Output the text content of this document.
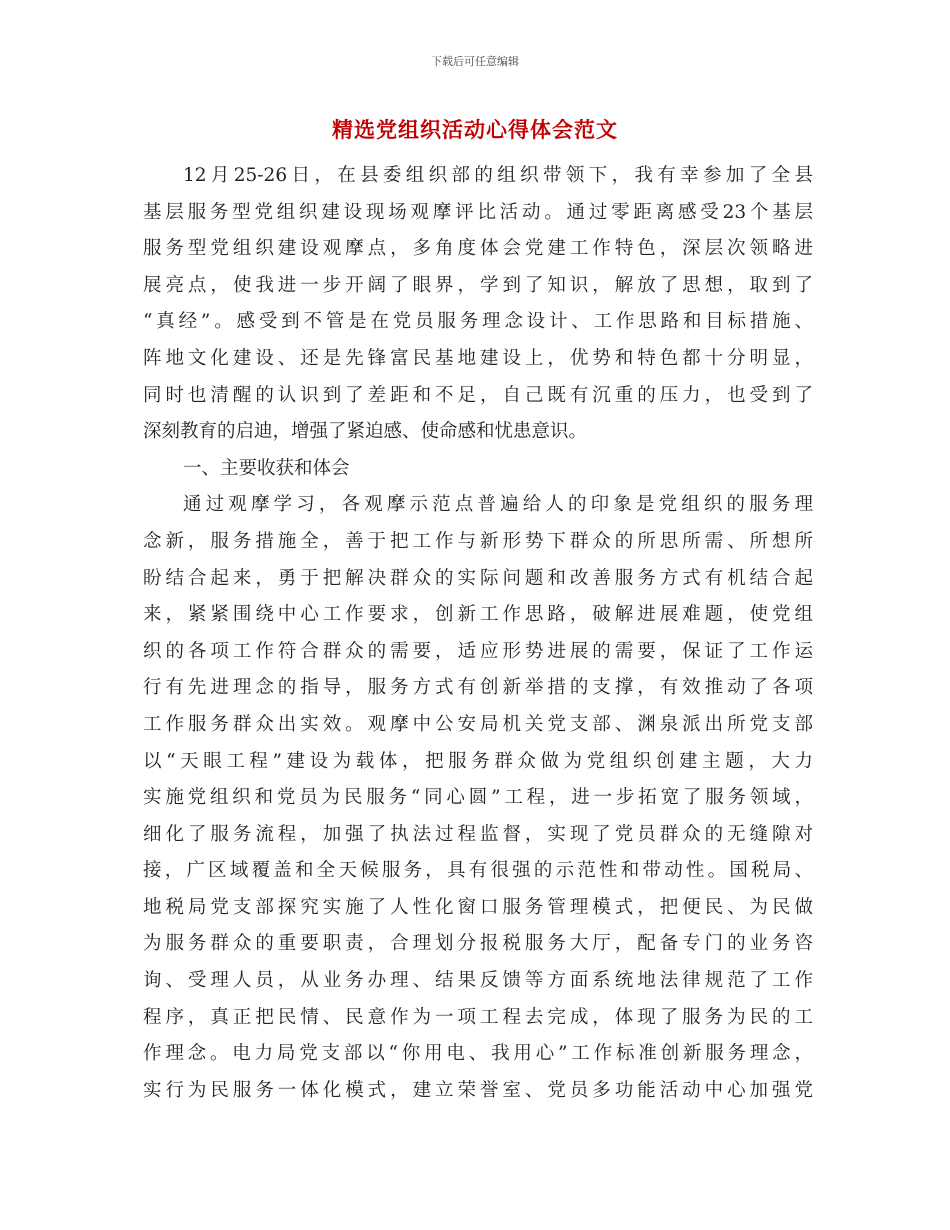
下载后可任意编辑
精选党组织活动心得体会范文
12月25-26日，在县委组织部的组织带领下，我有幸参加了全县
基层服务型党组织建设现场观摩评比活动。通过零距离感受23个基层
服务型党组织建设观摩点，多角度体会党建工作特色，深层次领略进
展亮点，使我进一步开阔了眼界，学到了知识，解放了思想，取到了
“真经”。感受到不管是在党员服务理念设计、工作思路和目标措施、
阵地文化建设、还是先锋富民基地建设上，优势和特色都十分明显，
同时也清醒的认识到了差距和不足，自己既有沉重的压力，也受到了
深刻教育的启迪，增强了紧迫感、使命感和忧患意识。
一、主要收获和体会
通过观摩学习，各观摩示范点普遍给人的印象是党组织的服务理
念新，服务措施全，善于把工作与新形势下群众的所思所需、所想所
盼结合起来，勇于把解决群众的实际问题和改善服务方式有机结合起
来，紧紧围绕中心工作要求，创新工作思路，破解进展难题，使党组
织的各项工作符合群众的需要，适应形势进展的需要，保证了工作运
行有先进理念的指导，服务方式有创新举措的支撑，有效推动了各项
工作服务群众出实效。观摩中公安局机关党支部、渊泉派出所党支部
以“天眼工程”建设为载体，把服务群众做为党组织创建主题，大力
实施党组织和党员为民服务“同心圆”工程，进一步拓宽了服务领域，
细化了服务流程，加强了执法过程监督，实现了党员群众的无缝隙对
接，广区域覆盖和全天候服务，具有很强的示范性和带动性。国税局、
地税局党支部探究实施了人性化窗口服务管理模式，把便民、为民做
为服务群众的重要职责，合理划分报税服务大厅，配备专门的业务咨
询、受理人员，从业务办理、结果反馈等方面系统地法律规范了工作
程序，真正把民情、民意作为一项工程去完成，体现了服务为民的工
作理念。电力局党支部以“你用电、我用心”工作标准创新服务理念，
实行为民服务一体化模式，建立荣誉室、党员多功能活动中心加强党
